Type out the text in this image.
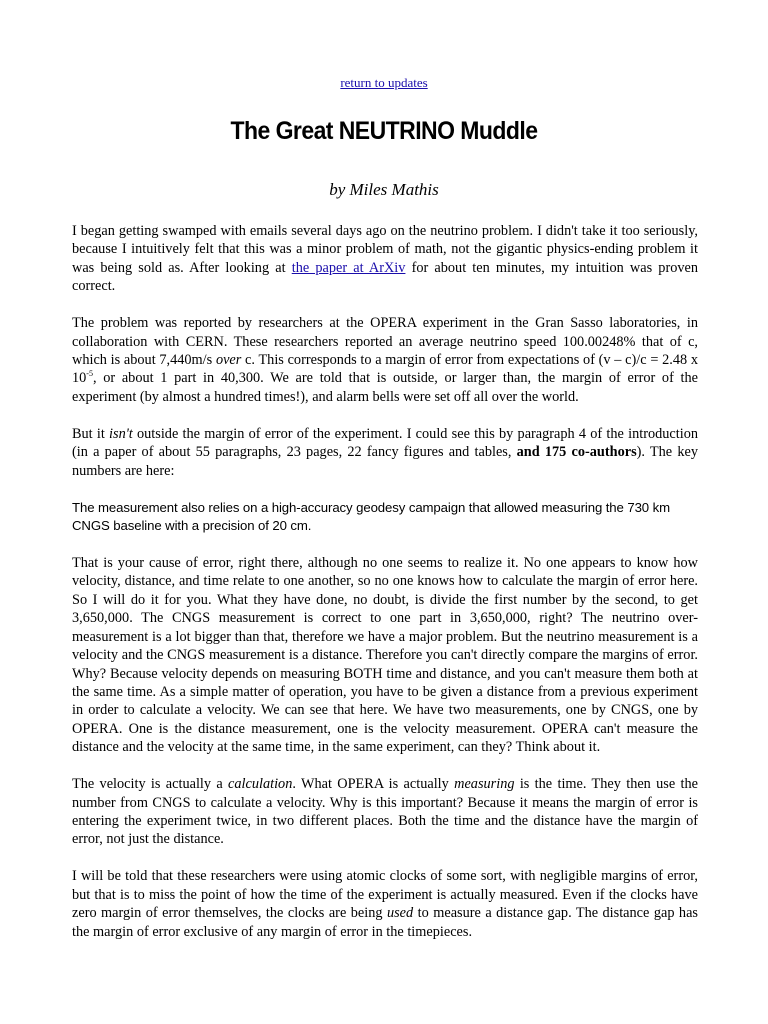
return to updates
The Great NEUTRINO Muddle
by Miles Mathis

I began getting swamped with emails several days ago on the neutrino problem. I didn't take it too seriously, because I intuitively felt that this was a minor problem of math, not the gigantic physics-ending problem it was being sold as. After looking at the paper at ArXiv for about ten minutes, my intuition was proven correct.

The problem was reported by researchers at the OPERA experiment in the Gran Sasso laboratories, in collaboration with CERN. These researchers reported an average neutrino speed 100.00248% that of c, which is about 7,440m/s over c. This corresponds to a margin of error from expectations of (v – c)/c = 2.48 x $10^{-5}$, or about 1 part in 40,300. We are told that is outside, or larger than, the margin of error of the experiment (by almost a hundred times!), and alarm bells were set off all over the world.

But it isn't outside the margin of error of the experiment. I could see this by paragraph 4 of the introduction (in a paper of about 55 paragraphs, 23 pages, 22 fancy figures and tables, and 175 co-authors). The key numbers are here:

The measurement also relies on a high-accuracy geodesy campaign that allowed measuring the 730 km CNGS baseline with a precision of 20 cm.

That is your cause of error, right there, although no one seems to realize it. No one appears to know how velocity, distance, and time relate to one another, so no one knows how to calculate the margin of error here. So I will do it for you. What they have done, no doubt, is divide the first number by the second, to get 3,650,000. The CNGS measurement is correct to one part in 3,650,000, right? The neutrino over-measurement is a lot bigger than that, therefore we have a major problem. But the neutrino measurement is a velocity and the CNGS measurement is a distance. Therefore you can't directly compare the margins of error. Why? Because velocity depends on measuring BOTH time and distance, and you can't measure them both at the same time. As a simple matter of operation, you have to be given a distance from a previous experiment in order to calculate a velocity. We can see that here. We have two measurements, one by CNGS, one by OPERA. One is the distance measurement, one is the velocity measurement. OPERA can't measure the distance and the velocity at the same time, in the same experiment, can they? Think about it.

The velocity is actually a calculation. What OPERA is actually measuring is the time. They then use the number from CNGS to calculate a velocity. Why is this important? Because it means the margin of error is entering the experiment twice, in two different places. Both the time and the distance have the margin of error, not just the distance.

I will be told that these researchers were using atomic clocks of some sort, with negligible margins of error, but that is to miss the point of how the time of the experiment is actually measured. Even if the clocks have zero margin of error themselves, the clocks are being used to measure a distance gap. The distance gap has the margin of error exclusive of any margin of error in the timepieces.
